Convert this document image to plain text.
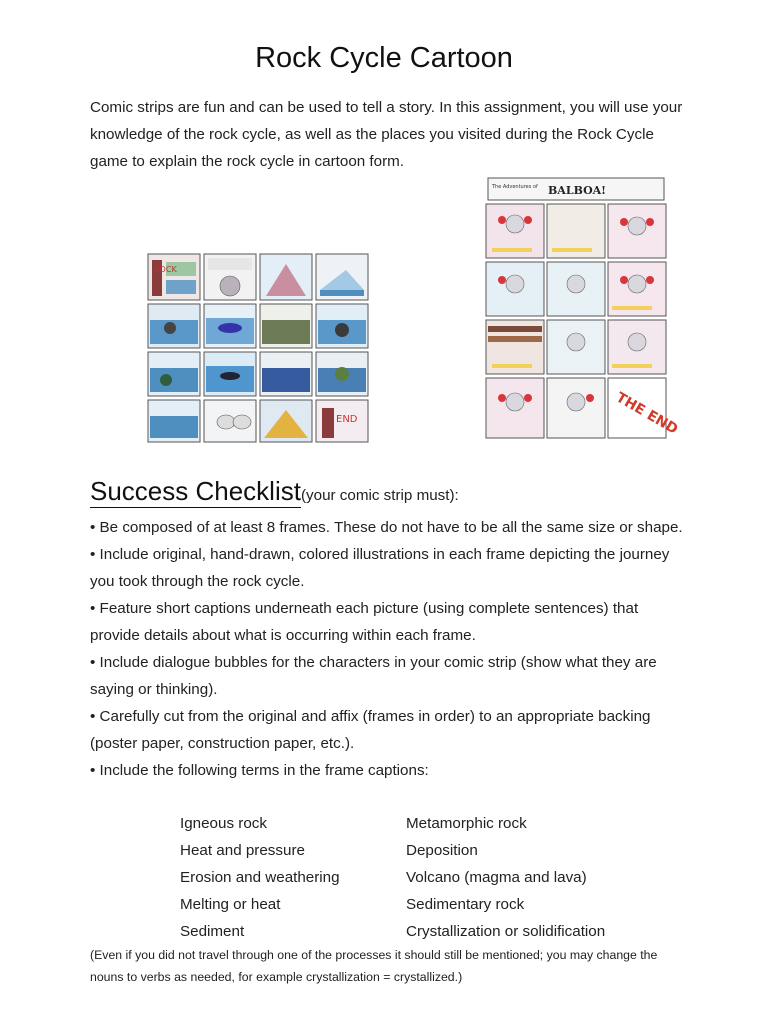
Rock Cycle Cartoon
Comic strips are fun and can be used to tell a story. In this assignment, you will use your knowledge of the rock cycle, as well as the places you visited during the Rock Cycle game to explain the rock cycle in cartoon form.
ROCK
END
The Adventures of BALBOA!
THE END
Success Checklist(your comic strip must):

• Be composed of at least 8 frames. These do not have to be all the same size or shape.

• Include original, hand-drawn, colored illustrations in each frame depicting the journey you took through the rock cycle.

• Feature short captions underneath each picture (using complete sentences) that provide details about what is occurring within each frame.

• Include dialogue bubbles for the characters in your comic strip (show what they are saying or thinking).

• Carefully cut from the original and affix (frames in order) to an appropriate backing (poster paper, construction paper, etc.).

• Include the following terms in the frame captions:

Igneous rock	Metamorphic rock
Heat and pressure	Deposition
Erosion and weathering	Volcano (magma and lava)
Melting or heat	Sedimentary rock
Sediment	Crystallization or solidification
(Even if you did not travel through one of the processes it should still be mentioned; you may change the nouns to verbs as needed, for example crystallization = crystallized.)
